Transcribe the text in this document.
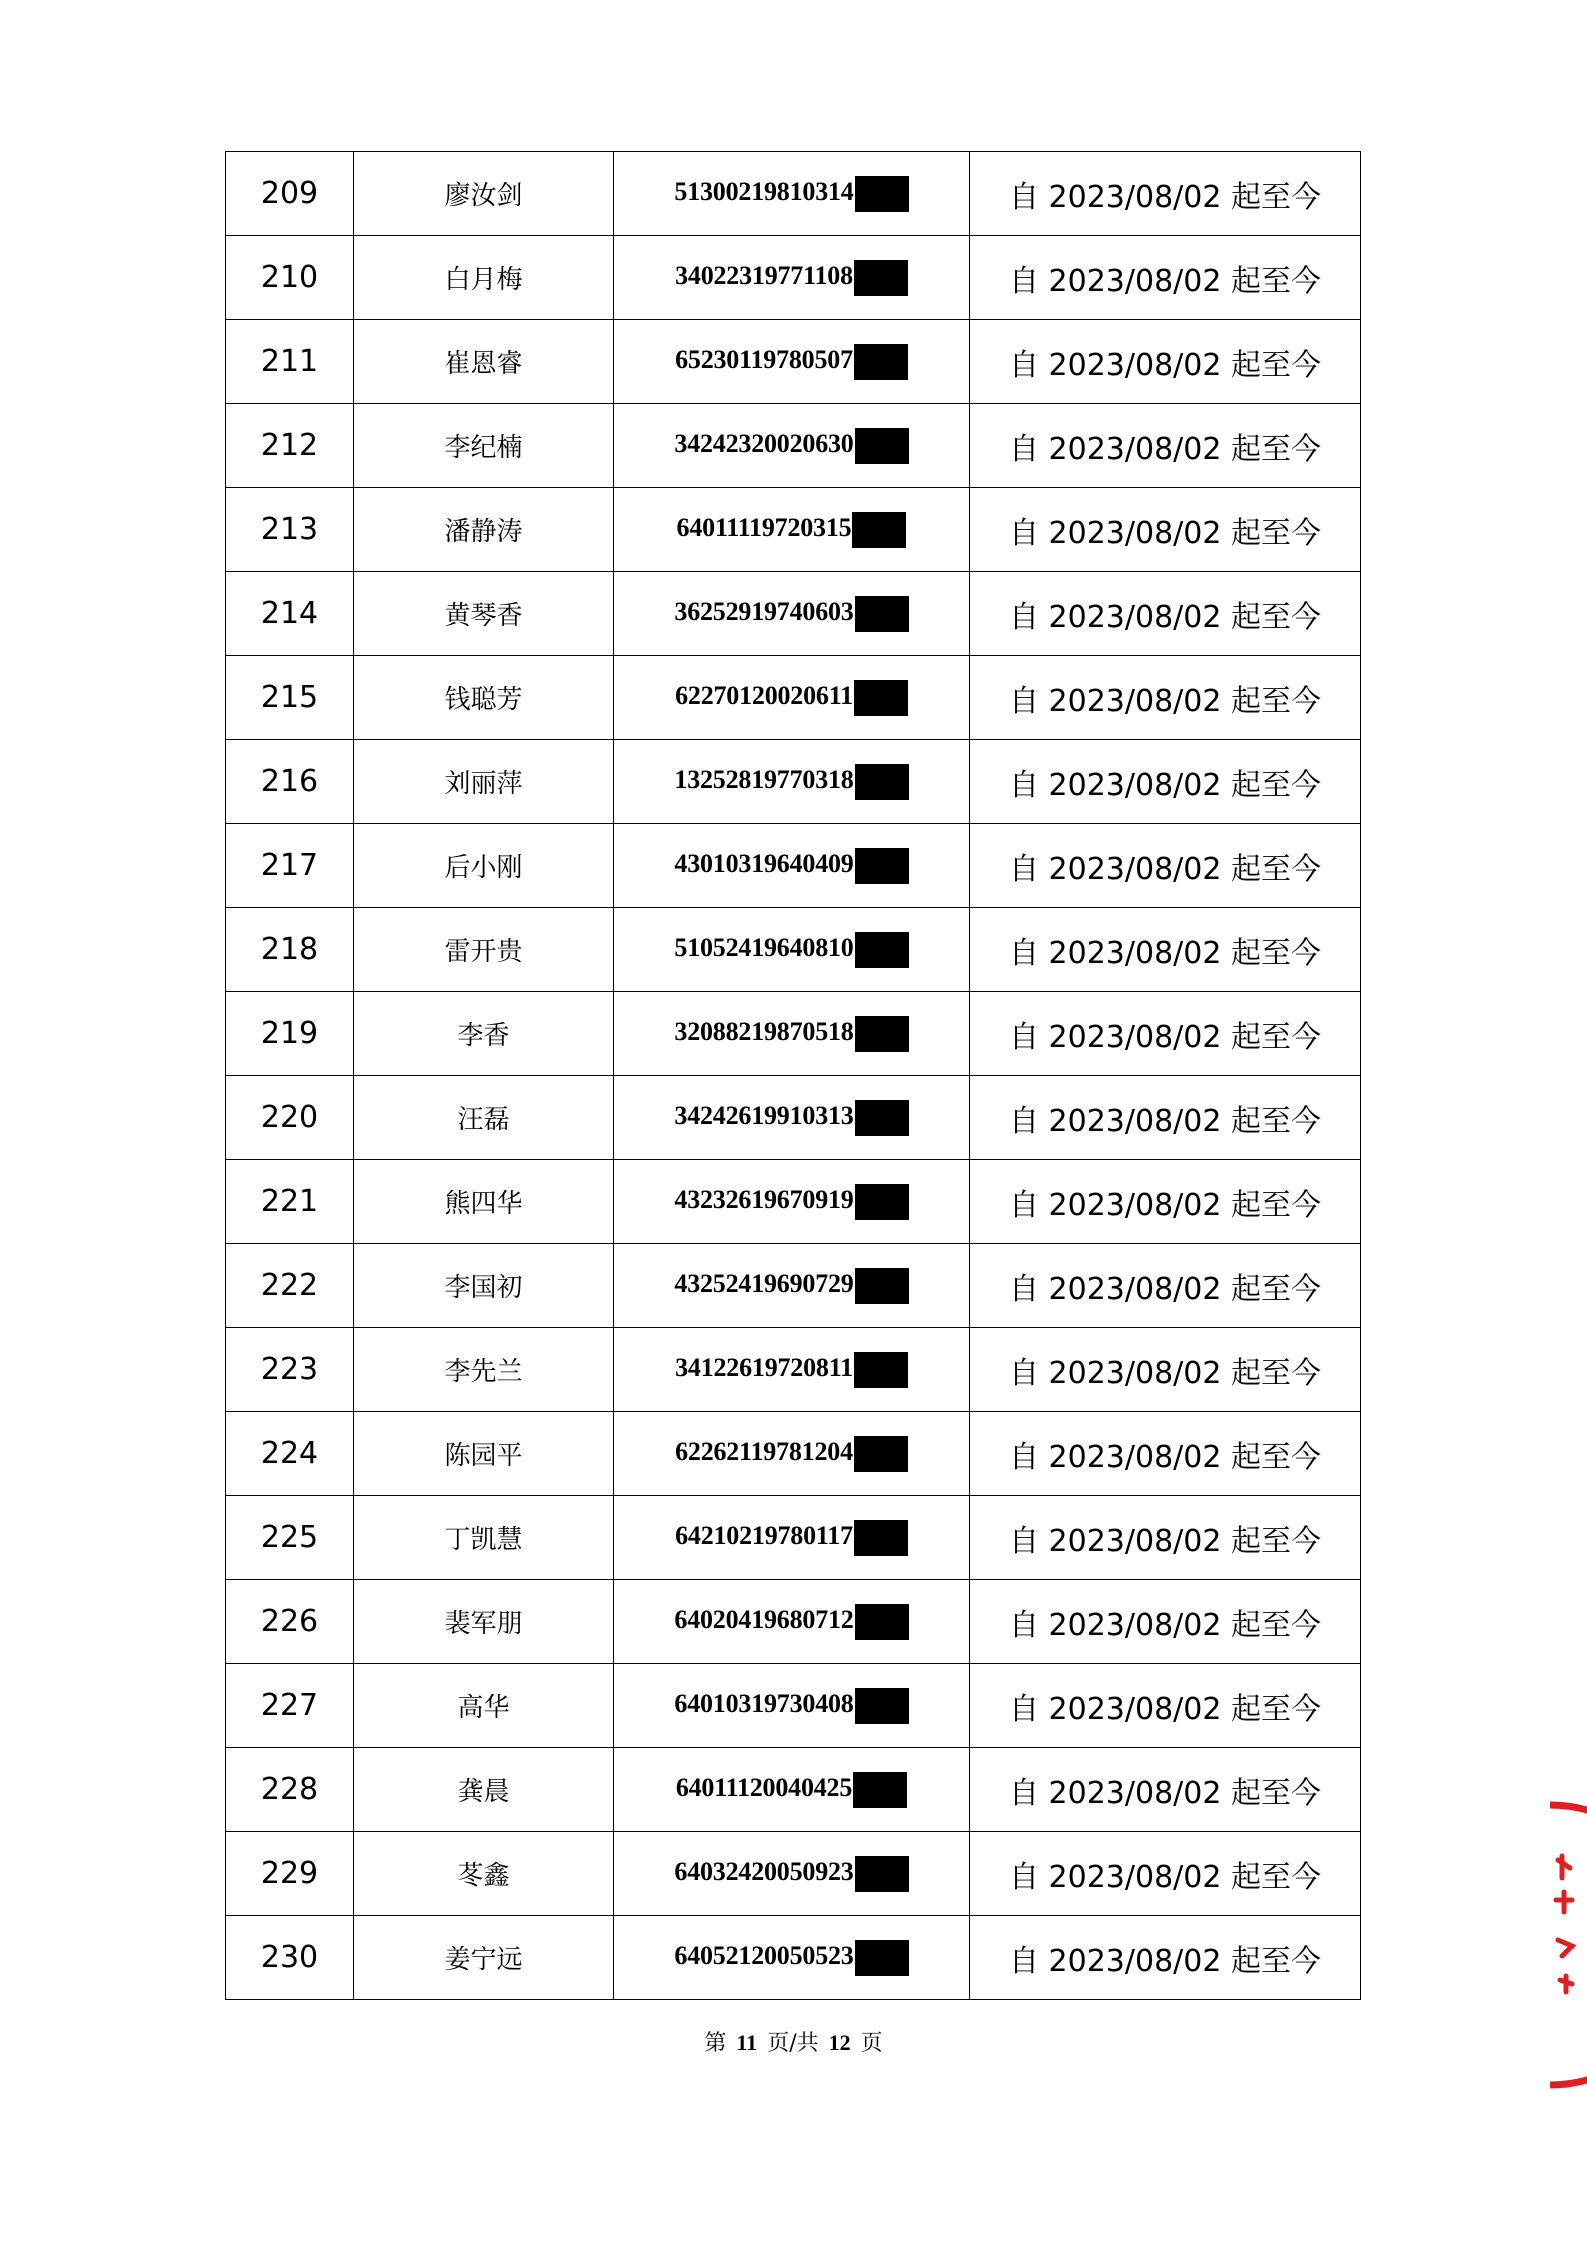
209	廖汝剑	51300219810314	自 2023/08/02 起至今
210	白月梅	34022319771108	自 2023/08/02 起至今
211	崔恩睿	65230119780507	自 2023/08/02 起至今
212	李纪楠	34242320020630	自 2023/08/02 起至今
213	潘静涛	64011119720315	自 2023/08/02 起至今
214	黄琴香	36252919740603	自 2023/08/02 起至今
215	钱聪芳	62270120020611	自 2023/08/02 起至今
216	刘丽萍	13252819770318	自 2023/08/02 起至今
217	后小刚	43010319640409	自 2023/08/02 起至今
218	雷开贵	51052419640810	自 2023/08/02 起至今
219	李香	32088219870518	自 2023/08/02 起至今
220	汪磊	34242619910313	自 2023/08/02 起至今
221	熊四华	43232619670919	自 2023/08/02 起至今
222	李国初	43252419690729	自 2023/08/02 起至今
223	李先兰	34122619720811	自 2023/08/02 起至今
224	陈园平	62262119781204	自 2023/08/02 起至今
225	丁凯慧	64210219780117	自 2023/08/02 起至今
226	裴军朋	64020419680712	自 2023/08/02 起至今
227	高华	64010319730408	自 2023/08/02 起至今
228	龚晨	64011120040425	自 2023/08/02 起至今
229	苳鑫	64032420050923	自 2023/08/02 起至今
230	姜宁远	64052120050523	自 2023/08/02 起至今
第 11 页/共 12 页
